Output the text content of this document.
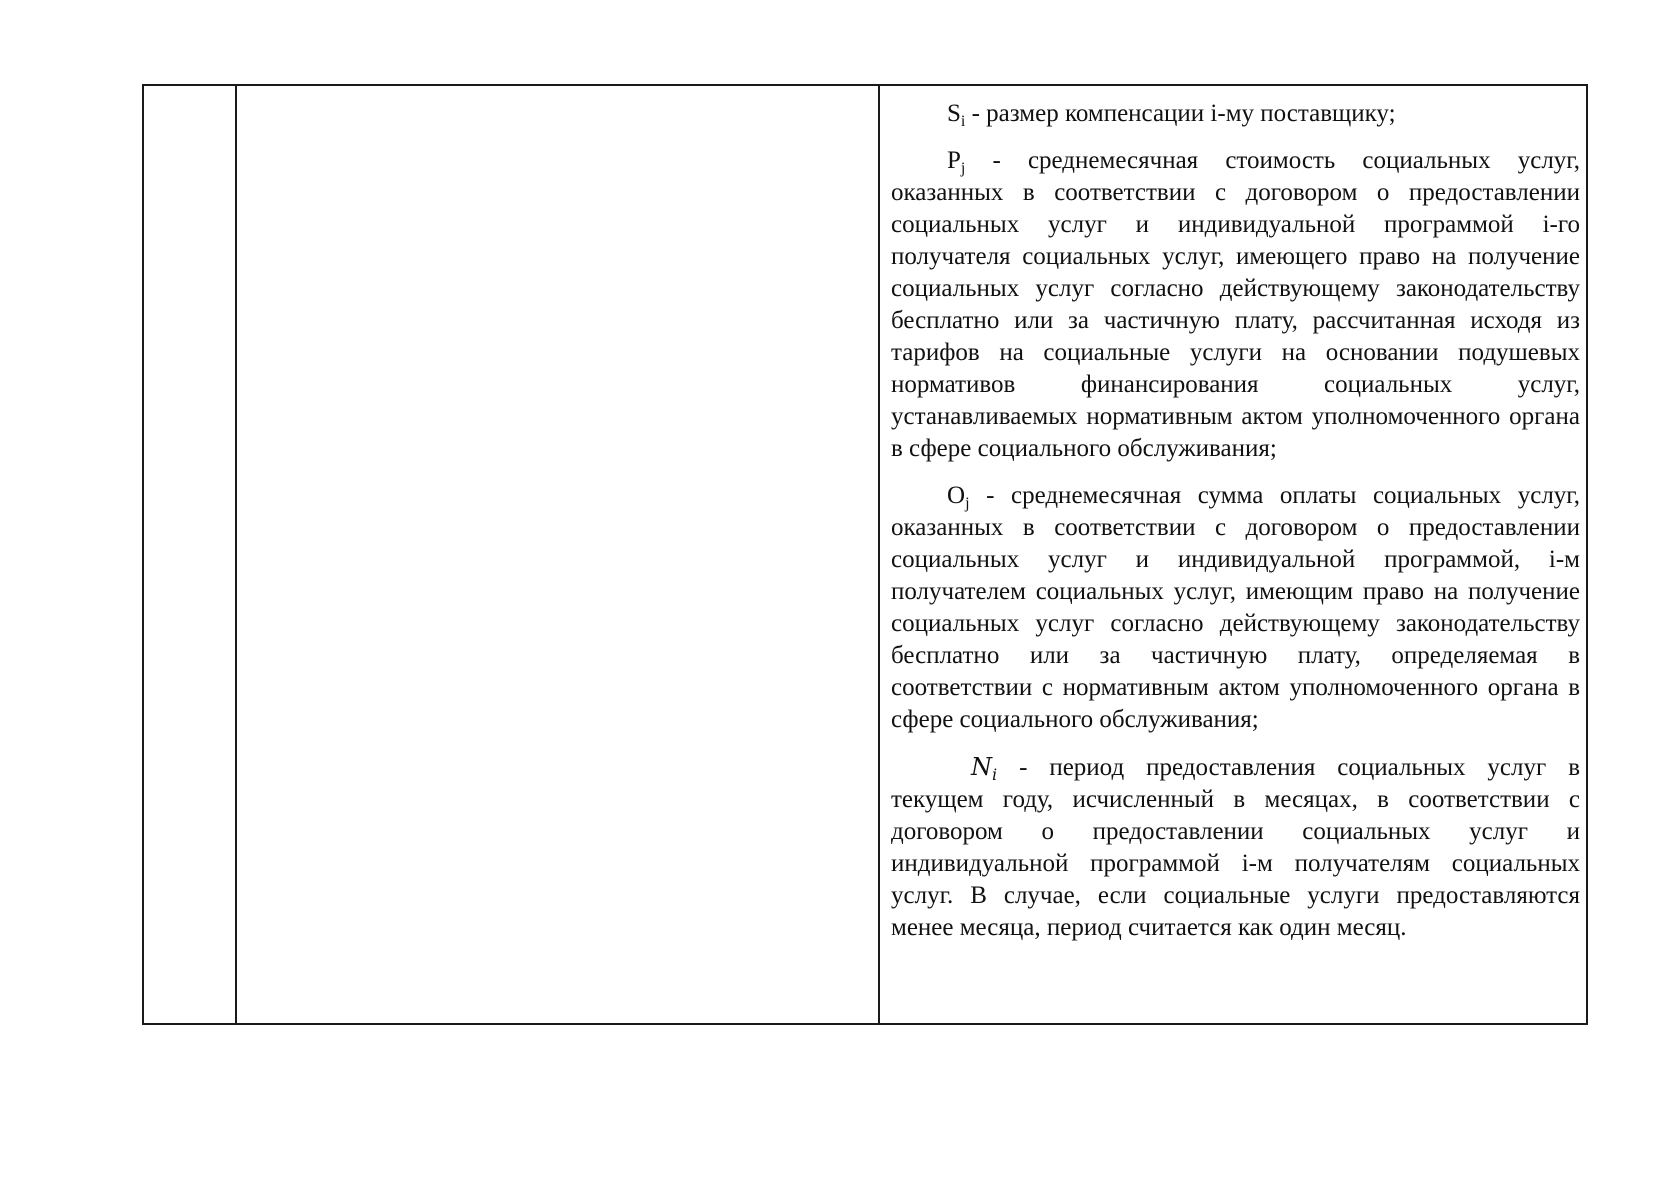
$S_i$ - размер компенсации i-му поставщику;

$P_j$ - среднемесячная стоимость социальных услуг, оказанных в соответствии с договором о предоставлении социальных услуг и индивидуальной программой i-го получателя социальных услуг, имеющего право на получение социальных услуг согласно действующему законодательству бесплатно или за частичную плату, рассчитанная исходя из тарифов на социальные услуги на основании подушевых нормативов финансирования социальных услуг, устанавливаемых нормативным актом уполномоченного органа в сфере социального обслуживания;

$O_j$ - среднемесячная сумма оплаты социальных услуг, оказанных в соответствии с договором о предоставлении социальных услуг и индивидуальной программой, i-м получателем социальных услуг, имеющим право на получение социальных услуг согласно действующему законодательству бесплатно или за частичную плату, определяемая в соответствии с нормативным актом уполномоченного органа в сфере социального обслуживания;

$N_i$ - период предоставления социальных услуг в текущем году, исчисленный в месяцах, в соответствии с договором о предоставлении социальных услуг и индивидуальной программой i-м получателям социальных услуг. В случае, если социальные услуги предоставляются менее месяца, период считается как один месяц.
